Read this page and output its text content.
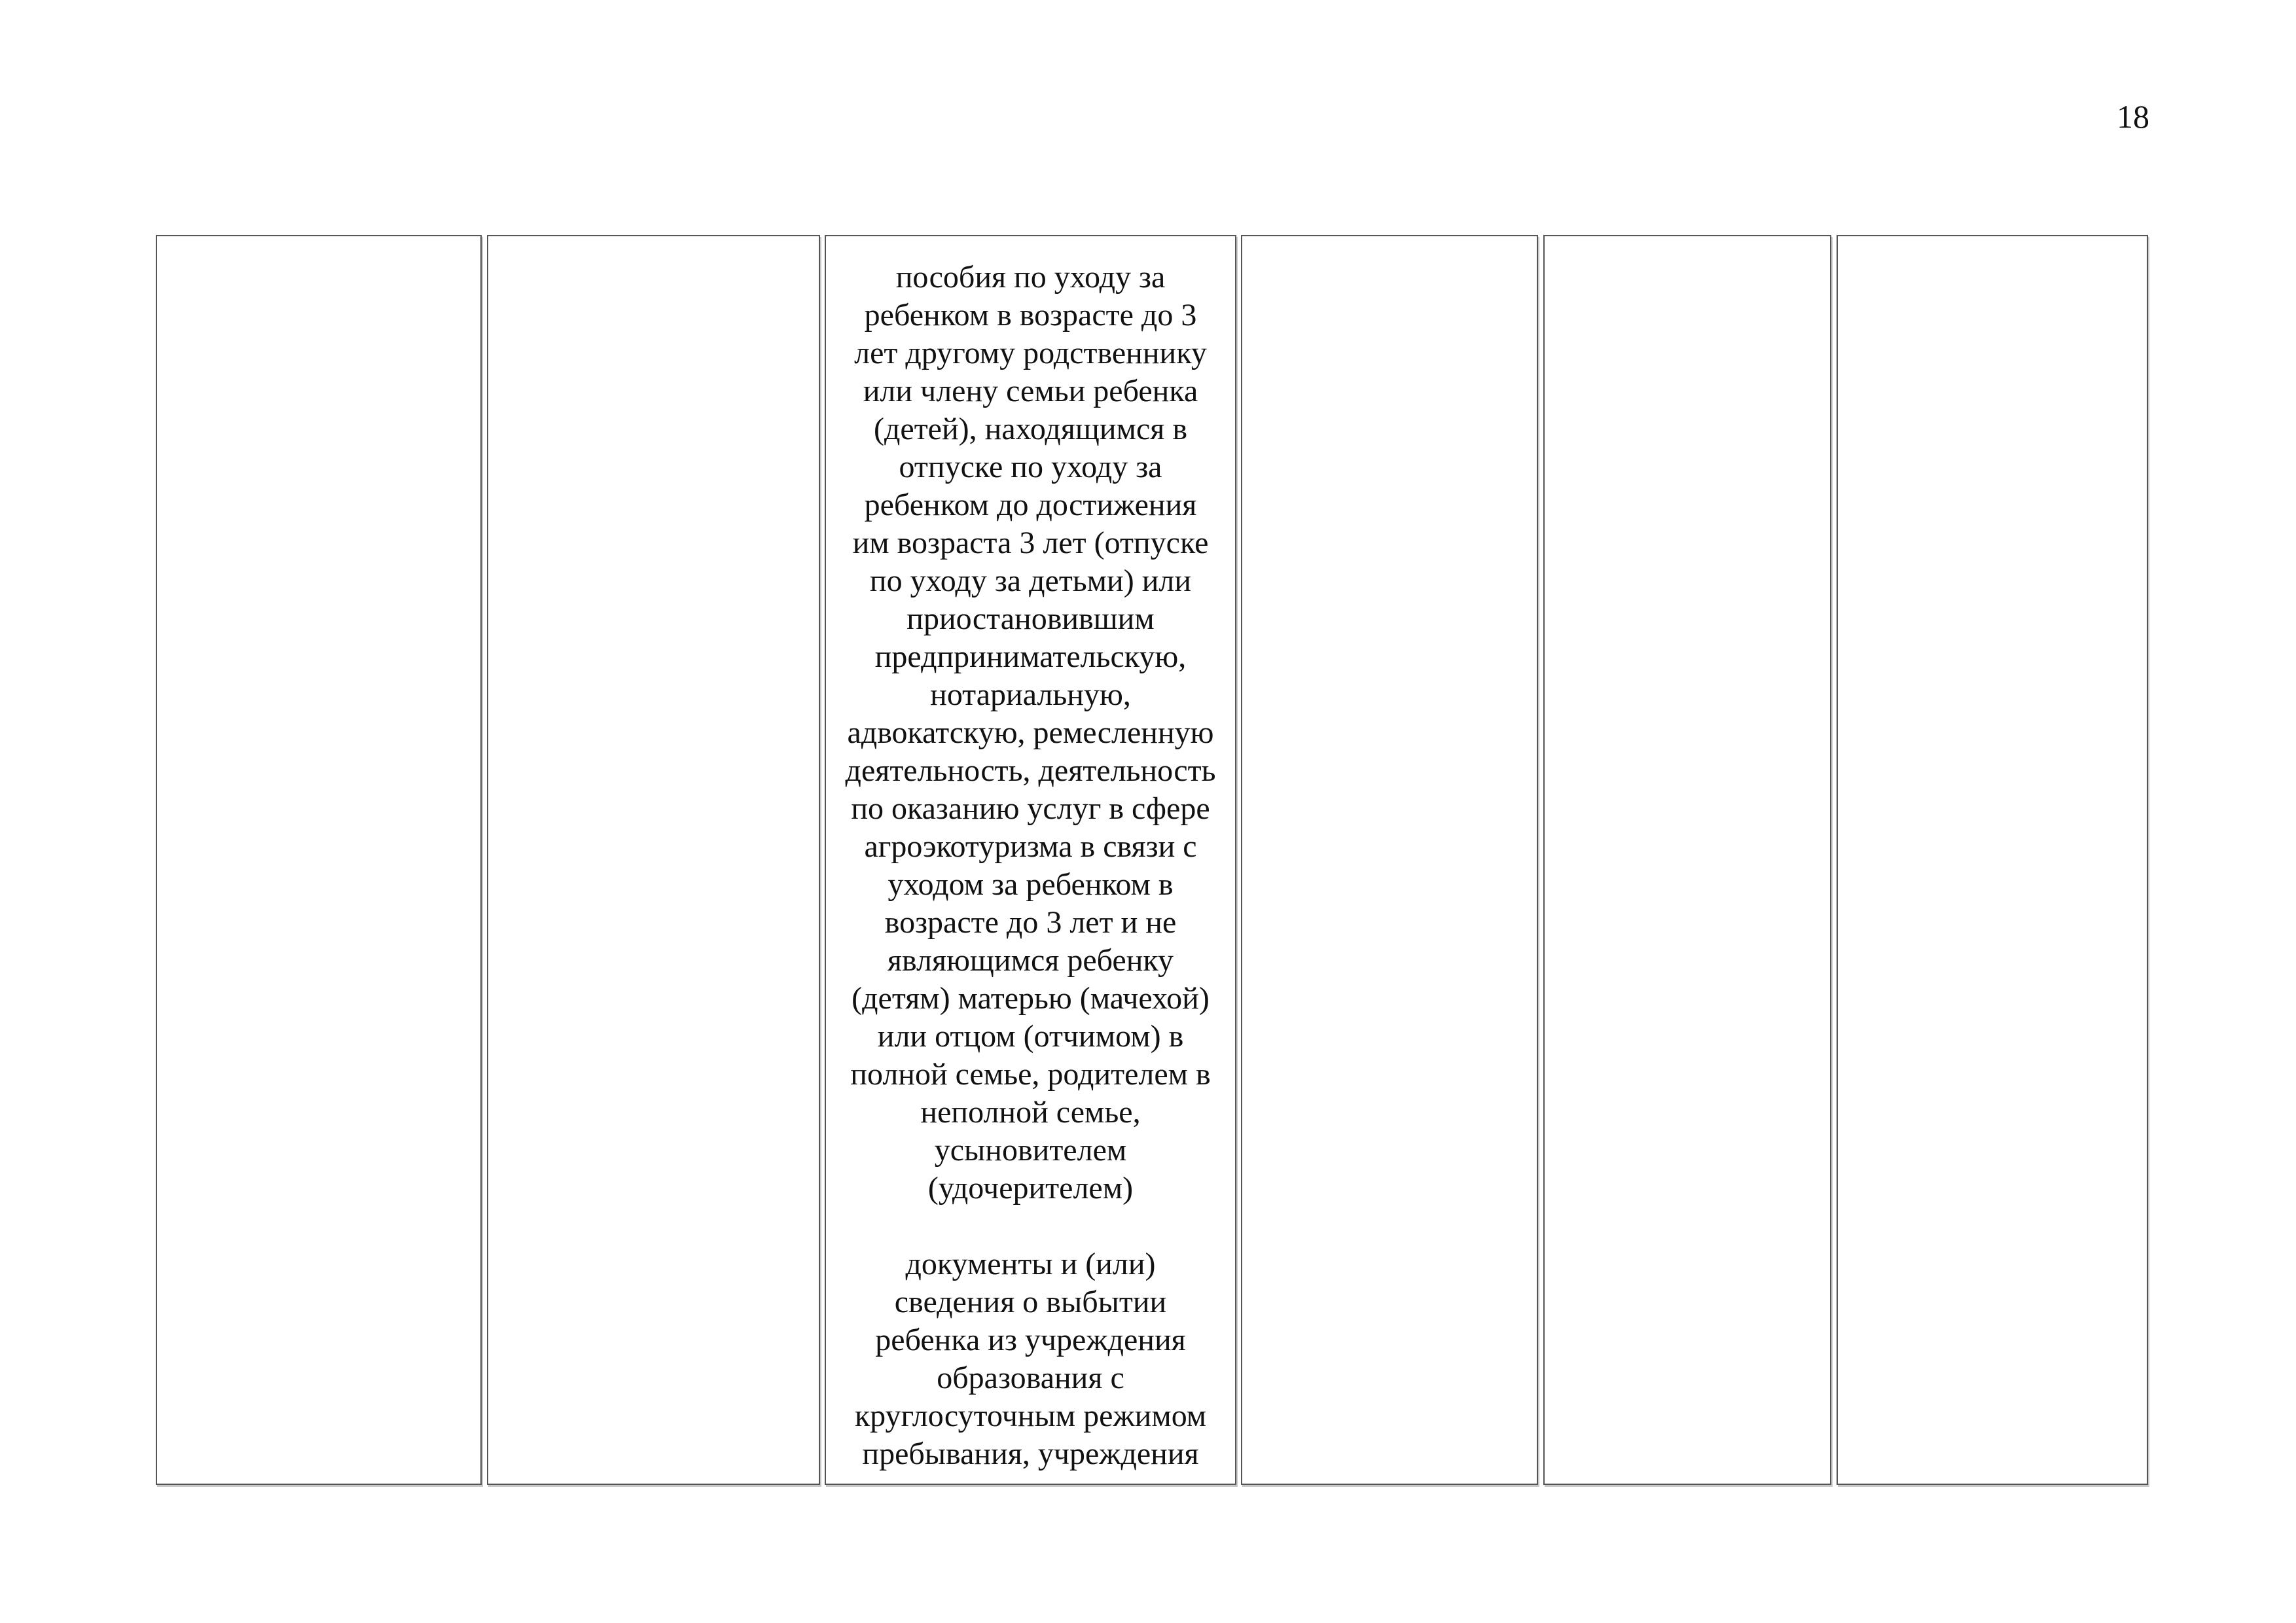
18
пособия по уходу за
ребенком в возрасте до 3
лет другому родственнику
или члену семьи ребенка
(детей), находящимся в
отпуске по уходу за
ребенком до достижения
им возраста 3 лет (отпуске
по уходу за детьми) или
приостановившим
предпринимательскую,
нотариальную,
адвокатскую, ремесленную
деятельность, деятельность
по оказанию услуг в сфере
агроэкотуризма в связи с
уходом за ребенком в
возрасте до 3 лет и не
являющимся ребенку
(детям) матерью (мачехой)
или отцом (отчимом) в
полной семье, родителем в
неполной семье,
усыновителем
(удочерителем)
документы и (или)
сведения о выбытии
ребенка из учреждения
образования с
круглосуточным режимом
пребывания, учреждения
